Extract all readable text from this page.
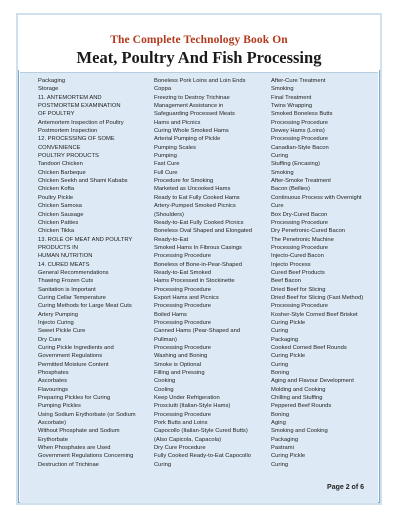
The Complete Technology Book On
Meat, Poultry And Fish Processing
Packaging
Storage
11. ANTEMORTEM AND
POSTMORTEM EXAMINATION
OF POULTRY
Antemortem Inspection of Poultry
Postmortem Inspection
12. PROCESSING OF SOME
CONVENIENCE
POULTRY PRODUCTS
Tandoori Chicken
Chicken Barbeque
Chicken Seekh and Shami Kababs
Chicken Kofta
Poultry Pickle
Chicken Samosa
Chicken Sausage
Chicken Patties
Chicken Tikka
13. ROLE OF MEAT AND POULTRY
PRODUCTS IN
HUMAN NUTRITION
14. CURED MEATS
General Recommendations
Thawing Frozen Cuts
Sanitation is Important
Curing Cellar Temperature
Curing Methods for Large Meat Cuts
Artery Pumping
Injecto Curing
Sweet Pickle Cure
Dry Cure
Curing Pickle Ingredients and
Government Regulations
Permitted Moisture Content
Phosphates
Ascorbates
Flavourings
Preparing Pickles for Curing
Pumping Pickles
Using Sodium Erythorbate (or Sodium
Ascorbate)
Without Phosphate and Sodium
Erythorbate
When Phosphates are Used
Government Regulations Concerning
Destruction of Trichinae
Boneless Pork Loins and Loin Ends
Coppa
Freezing to Destroy Trichinae
Management Assistance in
Safeguarding Processed Meats
Hams and Picnics
Curing Whole Smoked Hams
Arterial Pumping of Pickle
Pumping Scales
Pumping
Fast Cure
Full Cure
Procedure for Smoking
Marketed as Uncooked Hams
Ready to Eat Fully Cooked Hams
Artery-Pumped Smoked Picnics
(Shoulders)
Ready-to-Eat Fully Cooked Picnics
Boneless Oval Shaped and Elongated
Ready-to-Eat
Smoked Hams In Fibrous Casings
Processing Procedure
Boneless of Bone-in-Pear-Shaped
Ready-to-Eat Smoked
Hams Processed in Stockinette
Processing Procedure
Export Hams and Picnics
Processing Procedure
Boiled Hams
Processing Procedure
Canned Hams (Pear-Shaped and
Pullman)
Processing Procedure
Washing and Boning
Smoke is Optional
Filling and Pressing
Cooking
Cooling
Keep Under Refrigeration
Prosciutti (Italian-Style Hams)
Processing Procedure
Pork Butts and Loins
Capocollo (Italian-Style Cured Butts)
(Also Capicola, Capacola)
Dry Cure Procedure
Fully Cooked Ready-to-Eat Capocollo
Curing
After-Cure Treatment
Smoking
Final Treatment
Twins Wrapping
Smoked Boneless Butts
Processing Procedure
Dewey Hams (Loins)
Processing Procedure
Canadian-Style Bacon
Curing
Stuffing (Encasing)
Smoking
After-Smoke Treatment
Bacon (Bellies)
Continuous Process with Overnight
Cure
Box Dry-Cured Bacon
Processing Procedure
Dry Penetronic-Cured Bacon
The Penetronic Machine
Processing Procedure
Injecto-Cured Bacon
Injecto Process
Cured Beef Products
Beef Bacon
Dried Beef for Slicing
Dried Beef for Slicing (Fast Method)
Processing Procedure
Kosher-Style Corned Beef Brisket
Curing Pickle
Curing
Packaging
Cooked Corned Beef Rounds
Curing Pickle
Curing
Boning
Aging and Flavour Development
Molding and Cooking
Chilling and Stuffing
Peppered Beef Rounds
Boning
Aging
Smoking and Cooking
Packaging
Pastrami
Curing Pickle
Curing
Page 2 of 6
